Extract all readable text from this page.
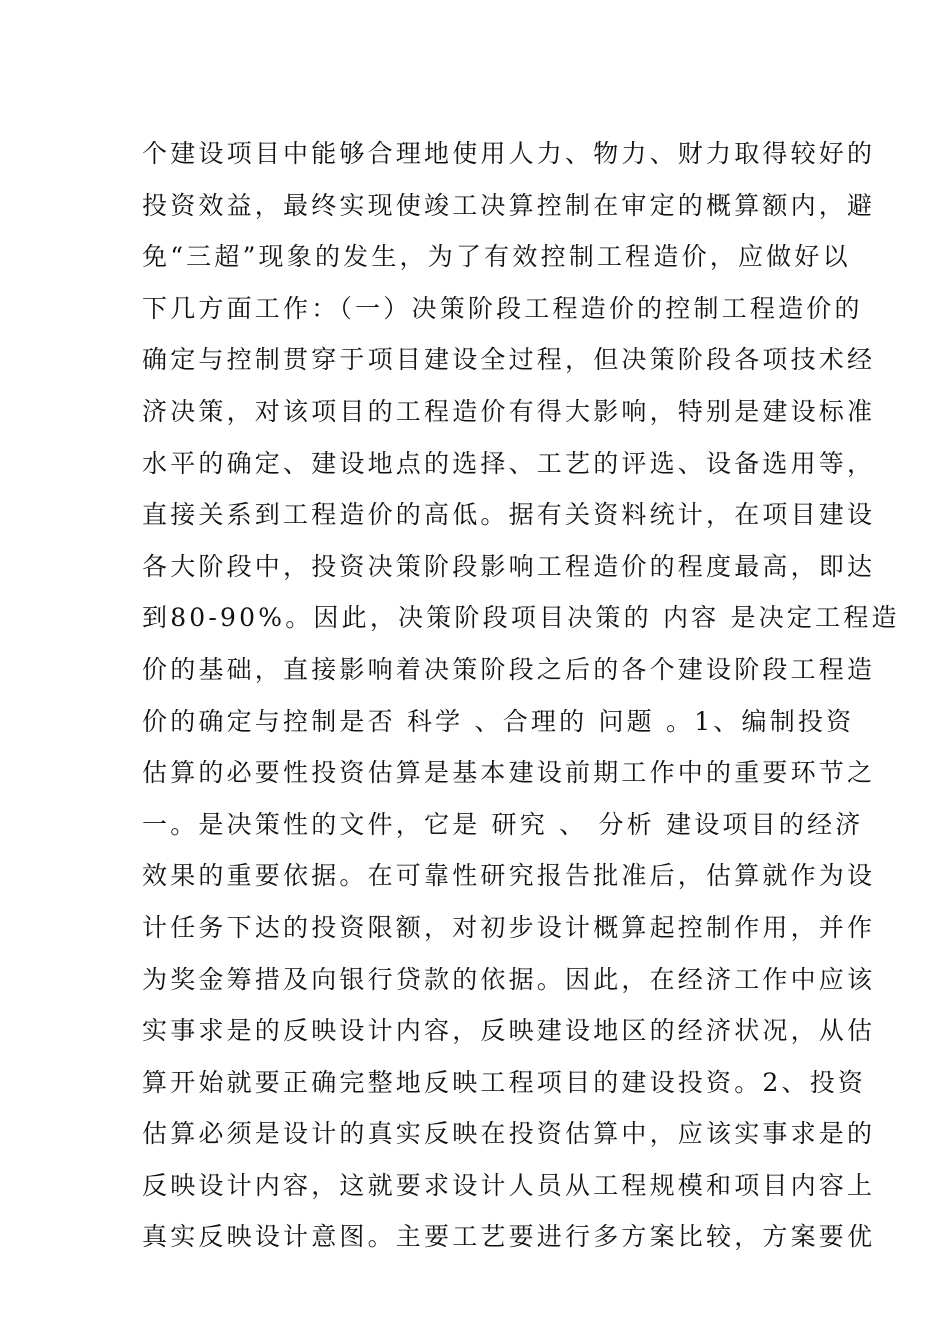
个建设项目中能够合理地使用人力、物力、财力取得较好的
投资效益，最终实现使竣工决算控制在审定的概算额内，避
免“三超”现象的发生，为了有效控制工程造价，应做好以
下几方面工作：（一）决策阶段工程造价的控制工程造价的
确定与控制贯穿于项目建设全过程，但决策阶段各项技术经
济决策，对该项目的工程造价有得大影响，特别是建设标准
水平的确定、建设地点的选择、工艺的评选、设备选用等，
直接关系到工程造价的高低。据有关资料统计，在项目建设
各大阶段中，投资决策阶段影响工程造价的程度最高，即达
到80-90%。因此，决策阶段项目决策的 内容 是决定工程造
价的基础，直接影响着决策阶段之后的各个建设阶段工程造
价的确定与控制是否 科学 、合理的 问题 。1、编制投资
估算的必要性投资估算是基本建设前期工作中的重要环节之
一。是决策性的文件，它是 研究 、 分析 建设项目的经济
效果的重要依据。在可靠性研究报告批准后，估算就作为设
计任务下达的投资限额，对初步设计概算起控制作用，并作
为奖金筹措及向银行贷款的依据。因此，在经济工作中应该
实事求是的反映设计内容，反映建设地区的经济状况，从估
算开始就要正确完整地反映工程项目的建设投资。2、投资
估算必须是设计的真实反映在投资估算中，应该实事求是的
反映设计内容，这就要求设计人员从工程规模和项目内容上
真实反映设计意图。主要工艺要进行多方案比较，方案要优
